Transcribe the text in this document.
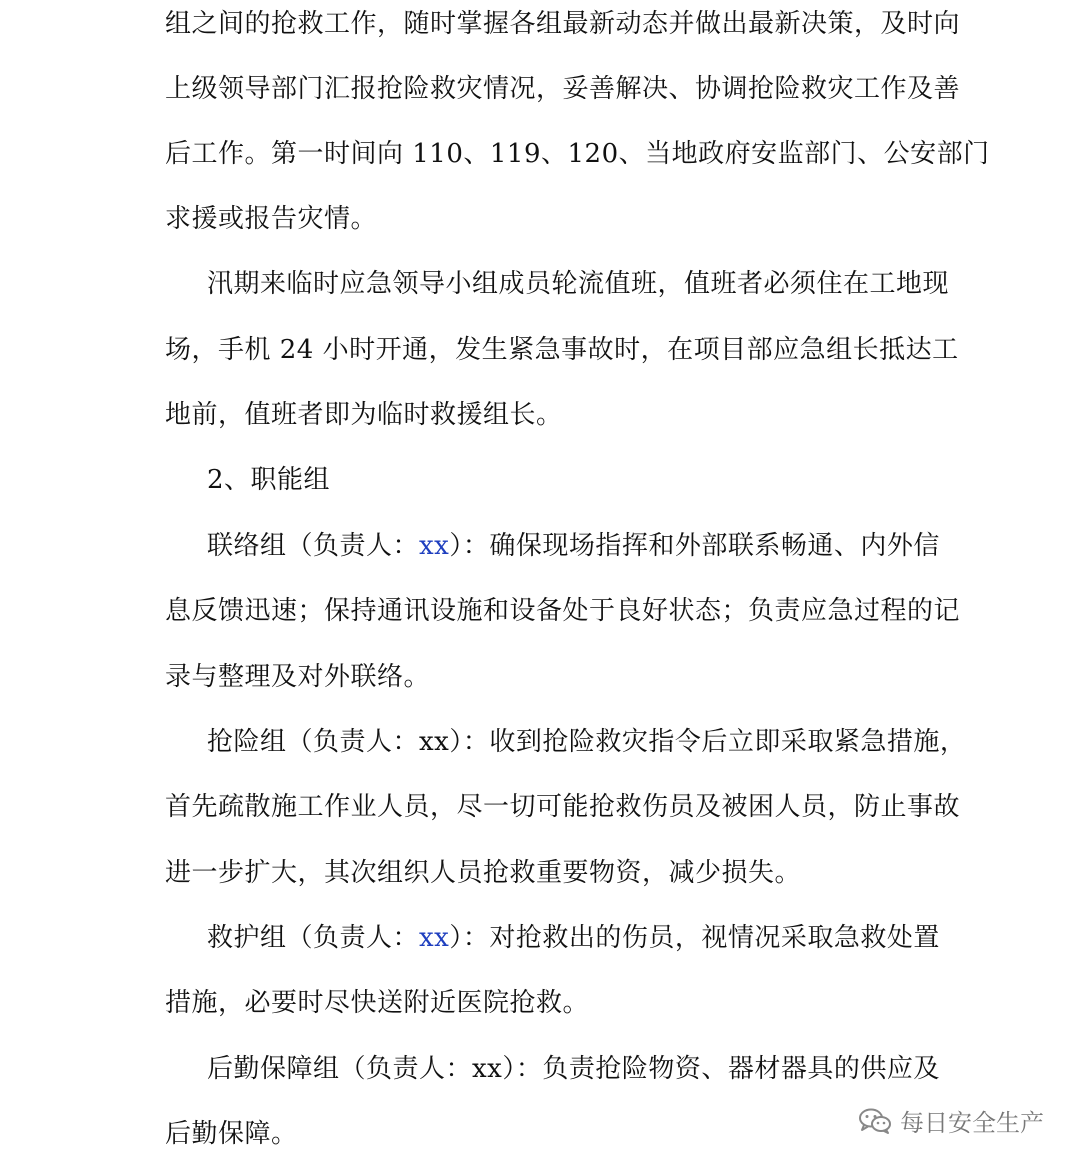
组之间的抢救工作，随时掌握各组最新动态并做出最新决策，及时向
上级领导部门汇报抢险救灾情况，妥善解决、协调抢险救灾工作及善
后工作。第一时间向 110、119、120、当地政府安监部门、公安部门
求援或报告灾情。
汛期来临时应急领导小组成员轮流值班，值班者必须住在工地现
场，手机 24 小时开通，发生紧急事故时，在项目部应急组长抵达工
地前，值班者即为临时救援组长。
2、职能组
联络组（负责人：xx）：确保现场指挥和外部联系畅通、内外信
息反馈迅速；保持通讯设施和设备处于良好状态；负责应急过程的记
录与整理及对外联络。
抢险组（负责人：xx）：收到抢险救灾指令后立即采取紧急措施，
首先疏散施工作业人员，尽一切可能抢救伤员及被困人员，防止事故
进一步扩大，其次组织人员抢救重要物资，减少损失。
救护组（负责人：xx）：对抢救出的伤员，视情况采取急救处置
措施，必要时尽快送附近医院抢救。
后勤保障组（负责人：xx）：负责抢险物资、器材器具的供应及
后勤保障。	每日安全生产
